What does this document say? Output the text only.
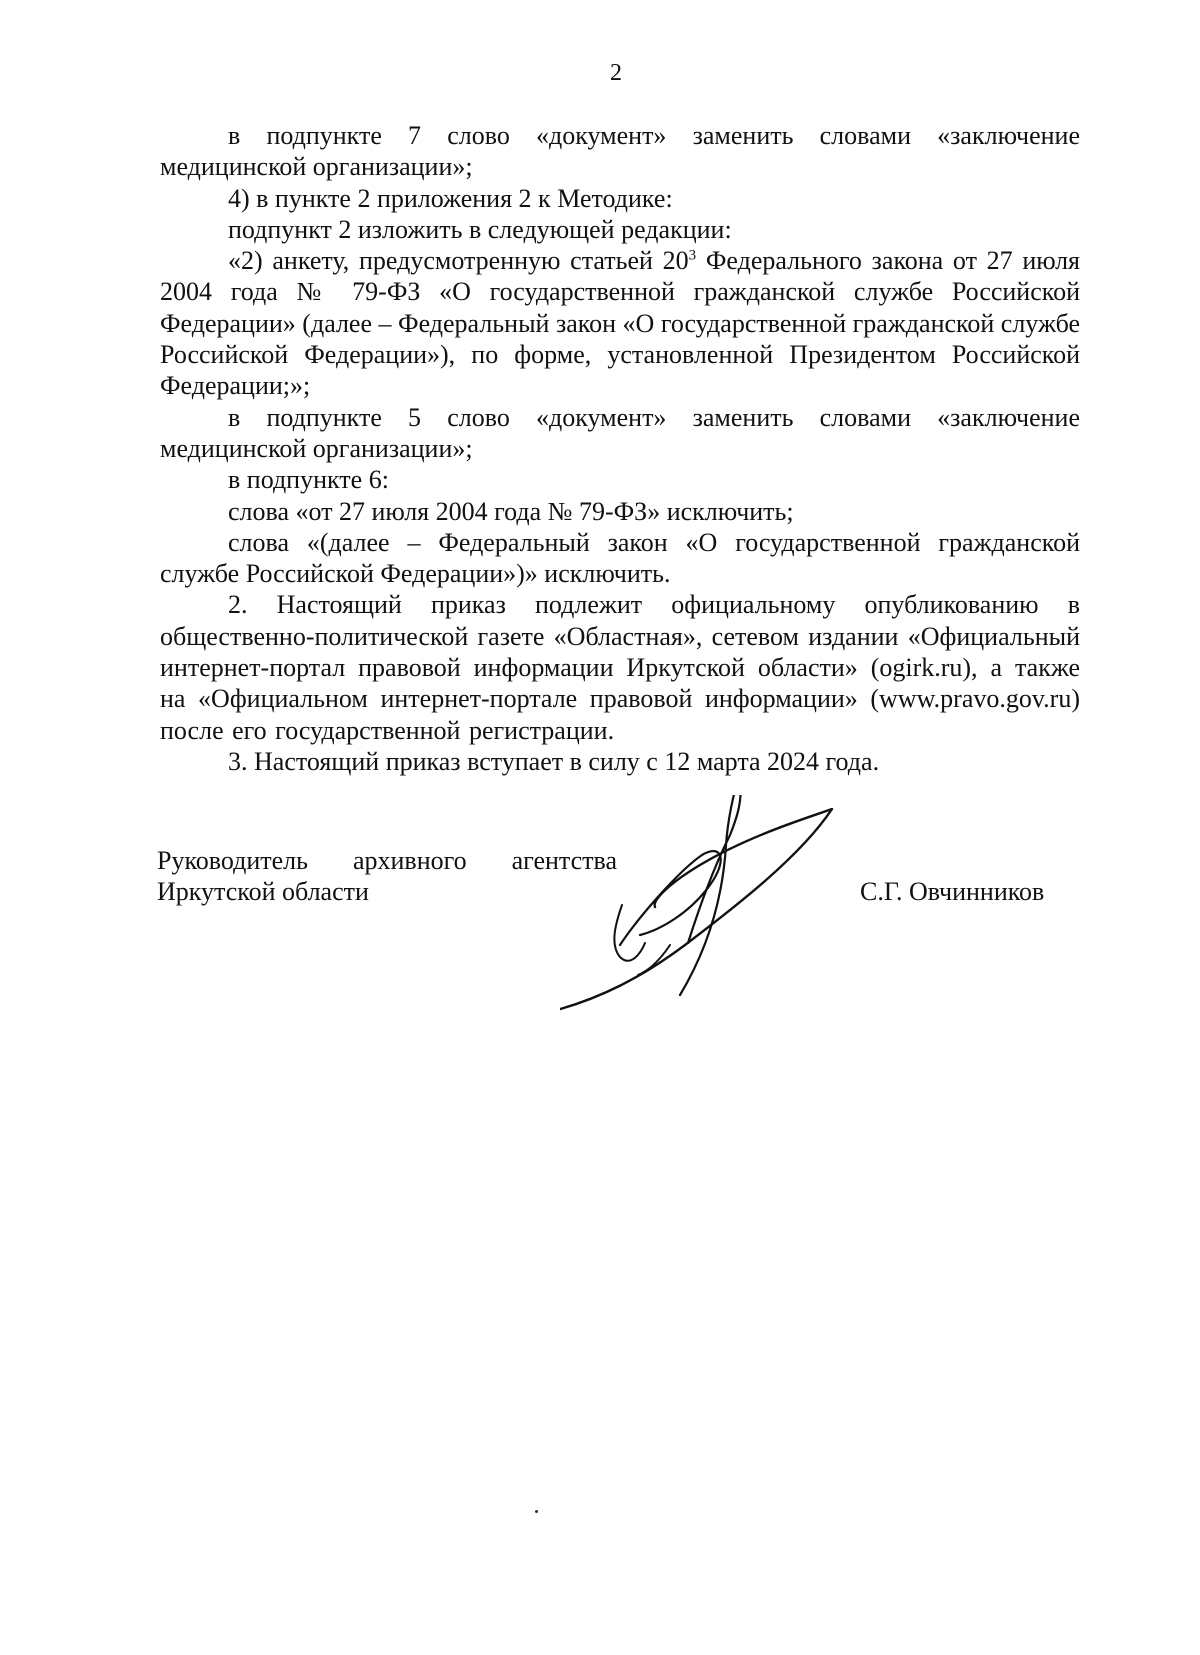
2

в подпункте 7 слово «документ» заменить словами «заключение медицинской организации»;

4) в пункте 2 приложения 2 к Методике:

подпункт 2 изложить в следующей редакции:

«2) анкету, предусмотренную статьей $20^3$ Федерального закона от 27 июля 2004 года № 79-ФЗ «О государственной гражданской службе Российской Федерации» (далее – Федеральный закон «О государственной гражданской службе Российской Федерации»), по форме, установленной Президентом Российской Федерации;»;

в подпункте 5 слово «документ» заменить словами «заключение медицинской организации»;

в подпункте 6:

слова «от 27 июля 2004 года № 79-ФЗ» исключить;

слова «(далее – Федеральный закон «О государственной гражданской службе Российской Федерации»)» исключить.

2. Настоящий приказ подлежит официальному опубликованию в общественно-политической газете «Областная», сетевом издании «Официальный интернет-портал правовой информации Иркутской области» (ogirk.ru), а также на «Официальном интернет-портале правовой информации» (www.pravo.gov.ru) после его государственной регистрации.

3. Настоящий приказ вступает в силу с 12 марта 2024 года.

Руководитель архивного агентства
Иркутской области	С.Г. Овчинников
